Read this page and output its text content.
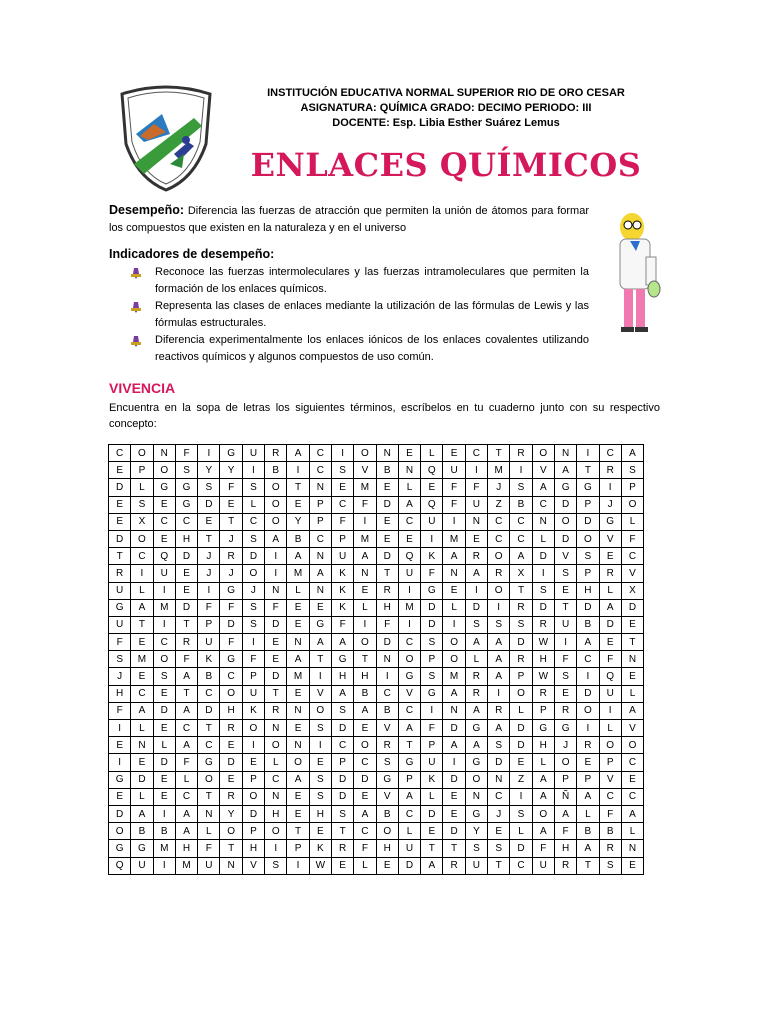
INSTITUCIÓN EDUCATIVA NORMAL SUPERIOR RIO DE ORO CESAR
ASIGNATURA: QUÍMICA GRADO: DECIMO PERIODO: III
DOCENTE: Esp. Libia Esther Suárez Lemus
ENLACES QUÍMICOS
Desempeño: Diferencia las fuerzas de atracción que permiten la unión de átomos para formar los compuestos que existen en la naturaleza y en el universo
Indicadores de desempeño:
Reconoce las fuerzas intermoleculares y las fuerzas intramoleculares que permiten la formación de los enlaces químicos.
Representa las clases de enlaces mediante la utilización de las fórmulas de Lewis y las fórmulas estructurales.
Diferencia experimentalmente los enlaces iónicos de los enlaces covalentes utilizando reactivos químicos y algunos compuestos de uso común.
VIVENCIA
Encuentra en la sopa de letras los siguientes términos, escríbelos en tu cuaderno junto con su respectivo concepto:
C	O	N	F	I	G	U	R	A	C	I	O	N	E	L	E	C	T	R	O	N	I	C	A
E	P	O	S	Y	Y	I	B	I	C	S	V	B	N	Q	U	I	M	I	V	A	T	R	S
D	L	G	G	S	F	S	O	T	N	E	M	E	L	E	F	F	J	S	A	G	G	I	P
E	S	E	G	D	E	L	O	E	P	C	F	D	A	Q	F	U	Z	B	C	D	P	J	O
E	X	C	C	E	T	C	O	Y	P	F	I	E	C	U	I	N	C	C	N	O	D	G	L
D	O	E	H	T	J	S	A	B	C	P	M	E	E	I	M	E	C	C	L	D	O	V	F
T	C	Q	D	J	R	D	I	A	N	U	A	D	Q	K	A	R	O	A	D	V	S	E	C
R	I	U	E	J	J	O	I	M	A	K	N	T	U	F	N	A	R	X	I	S	P	R	V
U	L	I	E	I	G	J	N	L	N	K	E	R	I	G	E	I	O	T	S	E	H	L	X
G	A	M	D	F	F	S	F	E	E	K	L	H	M	D	L	D	I	R	D	T	D	A	D
U	T	I	T	P	D	S	D	E	G	F	I	F	I	D	I	S	S	S	R	U	B	D	E
F	E	C	R	U	F	I	E	N	A	A	O	D	C	S	O	A	A	D	W	I	A	E	T
S	M	O	F	K	G	F	E	A	T	G	T	N	O	P	O	L	A	R	H	F	C	F	N
J	E	S	A	B	C	P	D	M	I	H	H	I	G	S	M	R	A	P	W	S	I	Q	E
H	C	E	T	C	O	U	T	E	V	A	B	C	V	G	A	R	I	O	R	E	D	U	L
F	A	D	A	D	H	K	R	N	O	S	A	B	C	I	N	A	R	L	P	R	O	I	A
I	L	E	C	T	R	O	N	E	S	D	E	V	A	F	D	G	A	D	G	G	I	L	V
E	N	L	A	C	E	I	O	N	I	C	O	R	T	P	A	A	S	D	H	J	R	O	O
I	E	D	F	G	D	E	L	O	E	P	C	S	G	U	I	G	D	E	L	O	E	P	C
G	D	E	L	O	E	P	C	A	S	D	D	G	P	K	D	O	N	Z	A	P	P	V	E
E	L	E	C	T	R	O	N	E	S	D	E	V	A	L	E	N	C	I	A	Ñ	A	C	C
D	A	I	A	N	Y	D	H	E	H	S	A	B	C	D	E	G	J	S	O	A	L	F	A
O	B	B	A	L	O	P	O	T	E	T	C	O	L	E	D	Y	E	L	A	F	B	B	L
G	G	M	H	F	T	H	I	P	K	R	F	H	U	T	T	S	S	D	F	H	A	R	N
Q	U	I	M	U	N	V	S	I	W	E	L	E	D	A	R	U	T	C	U	R	T	S	E
